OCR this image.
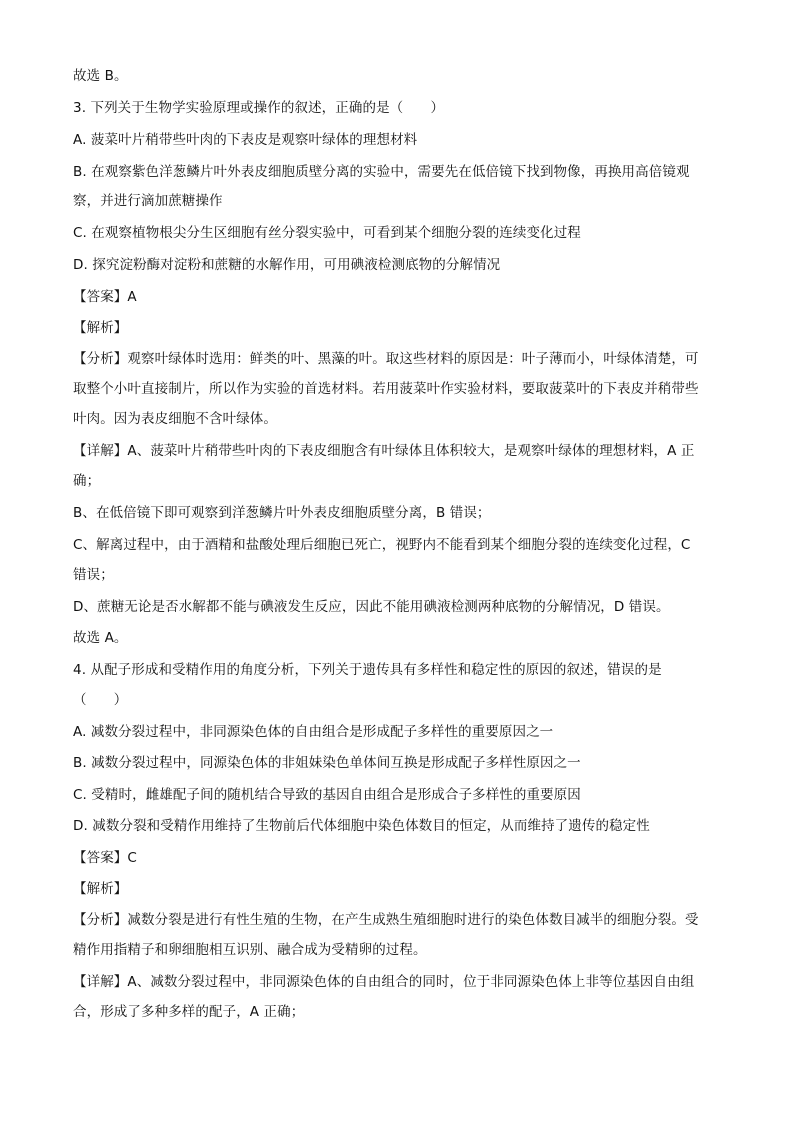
故选 B。
3. 下列关于生物学实验原理或操作的叙述，正确的是（　　）
A. 菠菜叶片稍带些叶肉的下表皮是观察叶绿体的理想材料
B. 在观察紫色洋葱鳞片叶外表皮细胞质壁分离的实验中，需要先在低倍镜下找到物像，再换用高倍镜观
察，并进行滴加蔗糖操作
C. 在观察植物根尖分生区细胞有丝分裂实验中，可看到某个细胞分裂的连续变化过程
D. 探究淀粉酶对淀粉和蔗糖的水解作用，可用碘液检测底物的分解情况
【答案】A
【解析】
【分析】观察叶绿体时选用：鲜类的叶、黑藻的叶。取这些材料的原因是：叶子薄而小，叶绿体清楚，可
取整个小叶直接制片，所以作为实验的首选材料。若用菠菜叶作实验材料，要取菠菜叶的下表皮并稍带些
叶肉。因为表皮细胞不含叶绿体。
【详解】A、菠菜叶片稍带些叶肉的下表皮细胞含有叶绿体且体积较大，是观察叶绿体的理想材料，A 正
确；
B、在低倍镜下即可观察到洋葱鳞片叶外表皮细胞质壁分离，B 错误；
C、解离过程中，由于酒精和盐酸处理后细胞已死亡，视野内不能看到某个细胞分裂的连续变化过程，C
错误；
D、蔗糖无论是否水解都不能与碘液发生反应，因此不能用碘液检测两种底物的分解情况，D 错误。
故选 A。
4. 从配子形成和受精作用的角度分析，下列关于遗传具有多样性和稳定性的原因的叙述，错误的是
（　　）
A. 减数分裂过程中，非同源染色体的自由组合是形成配子多样性的重要原因之一
B. 减数分裂过程中，同源染色体的非姐妹染色单体间互换是形成配子多样性原因之一
C. 受精时，雌雄配子间的随机结合导致的基因自由组合是形成合子多样性的重要原因
D. 减数分裂和受精作用维持了生物前后代体细胞中染色体数目的恒定，从而维持了遗传的稳定性
【答案】C
【解析】
【分析】减数分裂是进行有性生殖的生物，在产生成熟生殖细胞时进行的染色体数目减半的细胞分裂。受
精作用指精子和卵细胞相互识别、融合成为受精卵的过程。
【详解】A、减数分裂过程中，非同源染色体的自由组合的同时，位于非同源染色体上非等位基因自由组
合，形成了多种多样的配子，A 正确；
